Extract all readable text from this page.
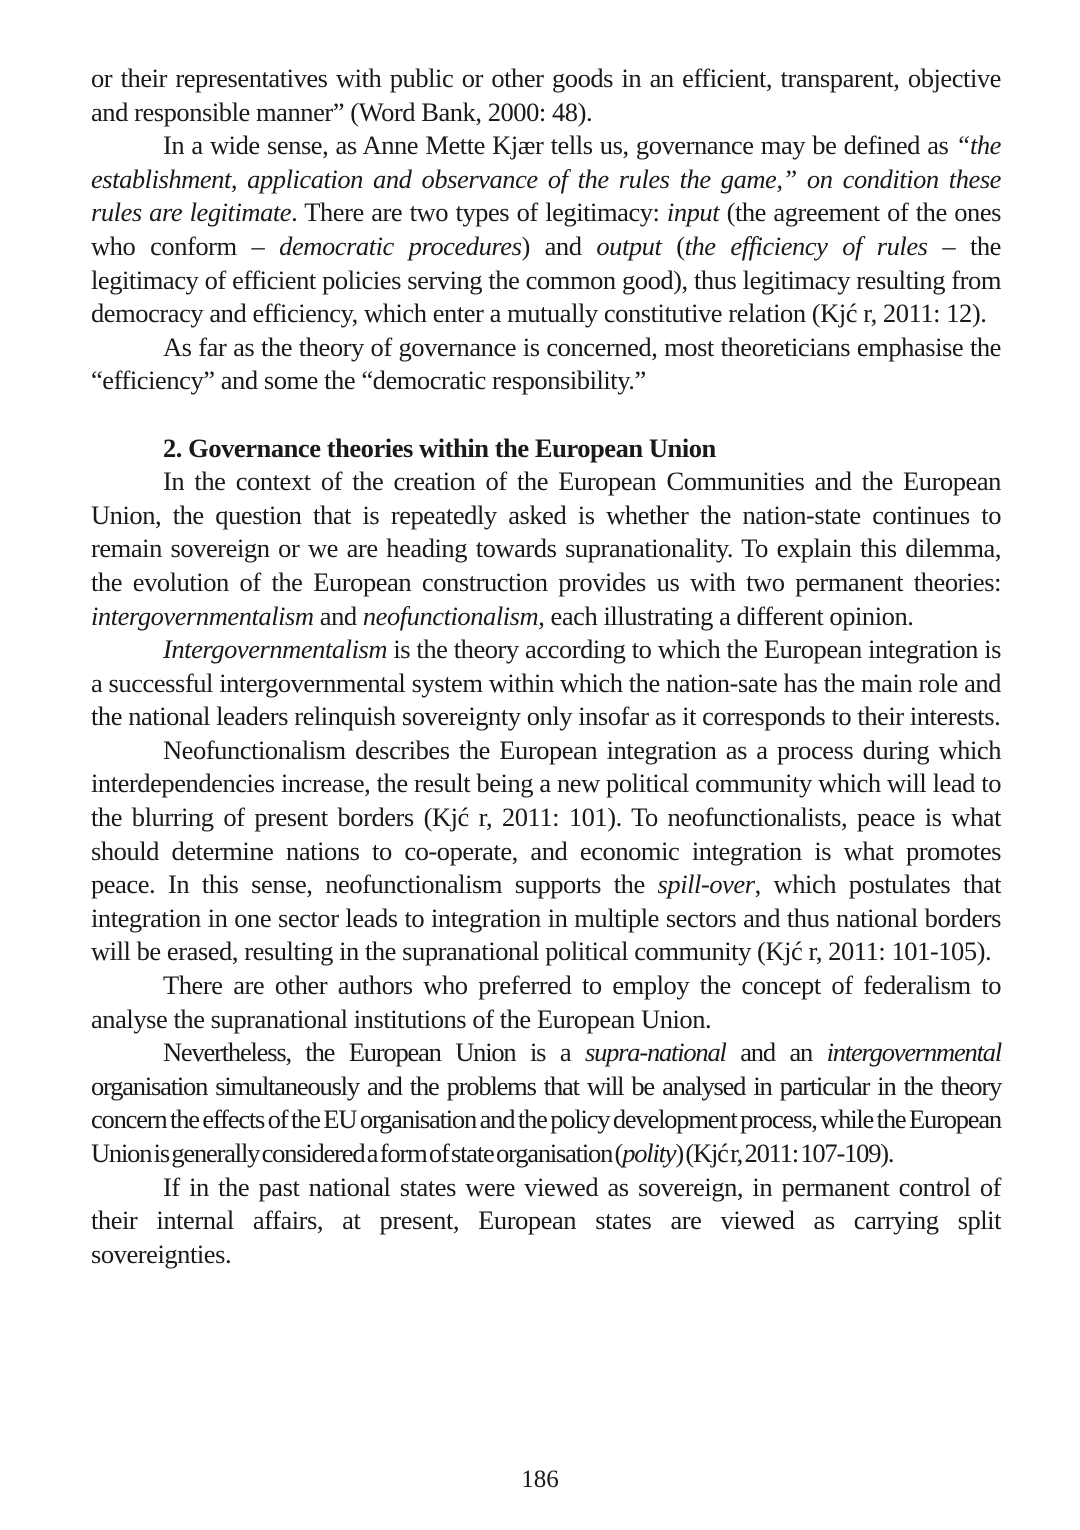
or their representatives with public or other goods in an efficient, transparent, objective and responsible manner” (Word Bank, 2000: 48).

In a wide sense, as Anne Mette Kjær tells us, governance may be defined as “the establishment, application and observance of the rules the game,” on condition these rules are legitimate. There are two types of legitimacy: input (the agreement of the ones who conform – democratic procedures) and output (the efficiency of rules – the legitimacy of efficient policies serving the common good), thus legitimacy resulting from democracy and efficiency, which enter a mutually constitutive relation (Kjć r, 2011: 12).

As far as the theory of governance is concerned, most theoreticians emphasise the “efficiency” and some the “democratic responsibility.”

2. Governance theories within the European Union

In the context of the creation of the European Communities and the European Union, the question that is repeatedly asked is whether the nation-state continues to remain sovereign or we are heading towards supranationality. To explain this dilemma, the evolution of the European construction provides us with two permanent theories: intergovernmentalism and neofunctionalism, each illustrating a different opinion.

Intergovernmentalism is the theory according to which the European integration is a successful intergovernmental system within which the nation-sate has the main role and the national leaders relinquish sovereignty only insofar as it corresponds to their interests.

Neofunctionalism describes the European integration as a process during which interdependencies increase, the result being a new political community which will lead to the blurring of present borders (Kjć r, 2011: 101). To neofunctionalists, peace is what should determine nations to co-operate, and economic integration is what promotes peace. In this sense, neofunctionalism supports the spill-over, which postulates that integration in one sector leads to integration in multiple sectors and thus national borders will be erased, resulting in the supranational political community (Kjć r, 2011: 101-105).

There are other authors who preferred to employ the concept of federalism to analyse the supranational institutions of the European Union.

Nevertheless, the European Union is a supra-national and an intergovernmental organisation simultaneously and the problems that will be analysed in particular in the theory concern the effects of the EU organisation and the policy development process, while the European Union is generally considered a form of state organisation (polity) (Kjć r, 2011: 107-109).

If in the past national states were viewed as sovereign, in permanent control of their internal affairs, at present, European states are viewed as carrying split sovereignties.

186
